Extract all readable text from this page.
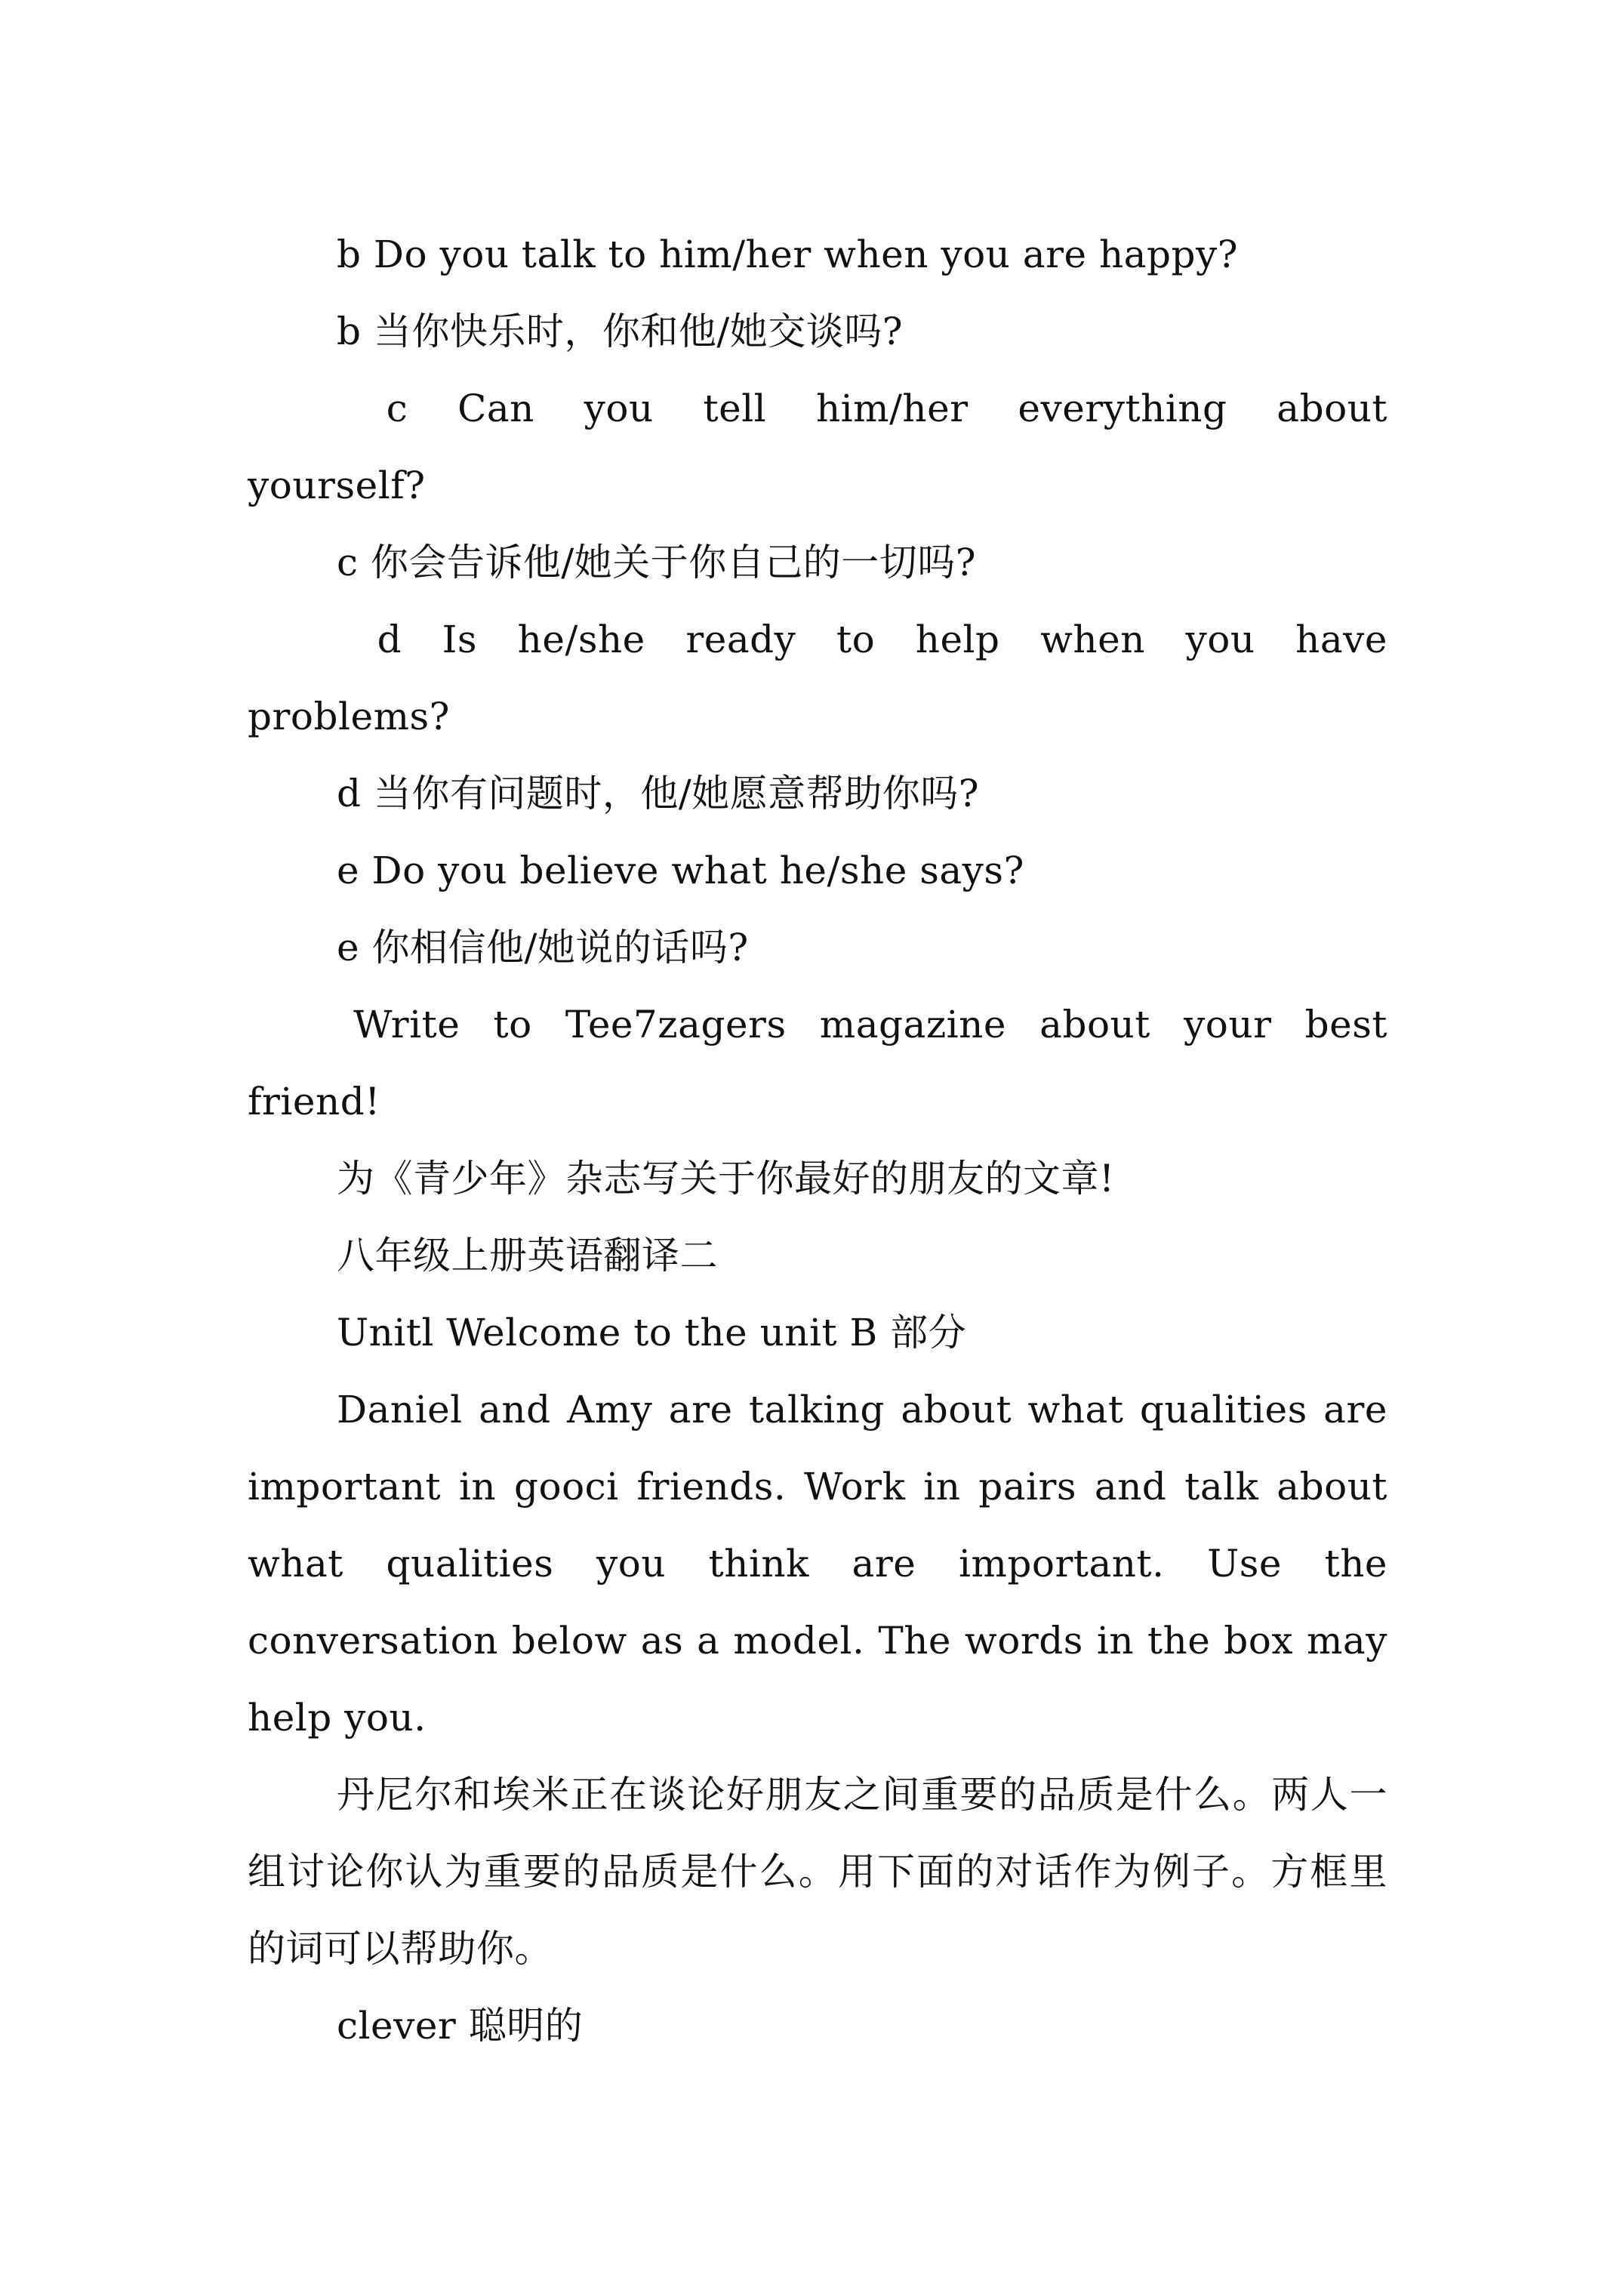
b Do you talk to him/her when you are happy?

b 当你快乐时，你和他/她交谈吗?

c  Can  you  tell  him/her  everything  about yourself?

c 你会告诉他/她关于你自己的一切吗?

d  Is  he/she  ready  to  help  when  you  have problems?

d 当你有问题时，他/她愿意帮助你吗?

e Do you believe what he/she says?

e 你相信他/她说的话吗?

Write  to  Tee7zagers  magazine  about  your  best friend!

为《青少年》杂志写关于你最好的朋友的文章!

八年级上册英语翻译二

Unitl Welcome to the unit B 部分

Daniel and Amy are talking about what qualities are important in gooci friends. Work in pairs and talk about what qualities you think are important. Use the conversation below as a model. The words in the box may help you.

丹尼尔和埃米正在谈论好朋友之间重要的品质是什么。两人一组讨论你认为重要的品质是什么。用下面的对话作为例子。方框里的词可以帮助你。

clever 聪明的
